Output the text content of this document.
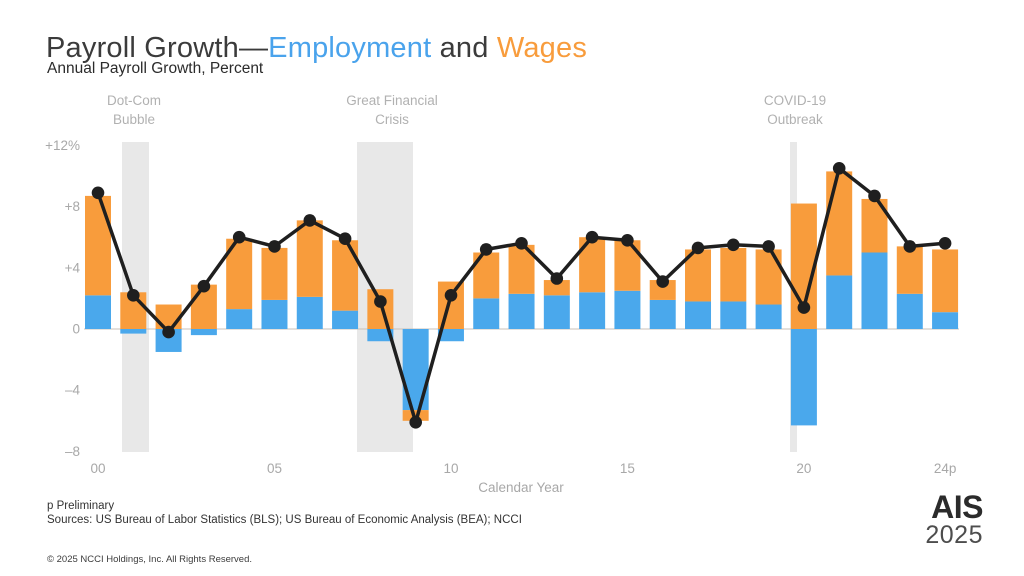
Payroll Growth—Employment and Wages
Annual Payroll Growth, Percent
+12%
+8
+4
0
–4
–8
00	05	10	15	20	24p
Calendar Year
Dot-Com
Bubble
Great Financial
Crisis
COVID-19
Outbreak
p Preliminary
Sources: US Bureau of Labor Statistics (BLS); US Bureau of Economic Analysis (BEA); NCCI
© 2025 NCCI Holdings, Inc. All Rights Reserved.
AIS
2025
